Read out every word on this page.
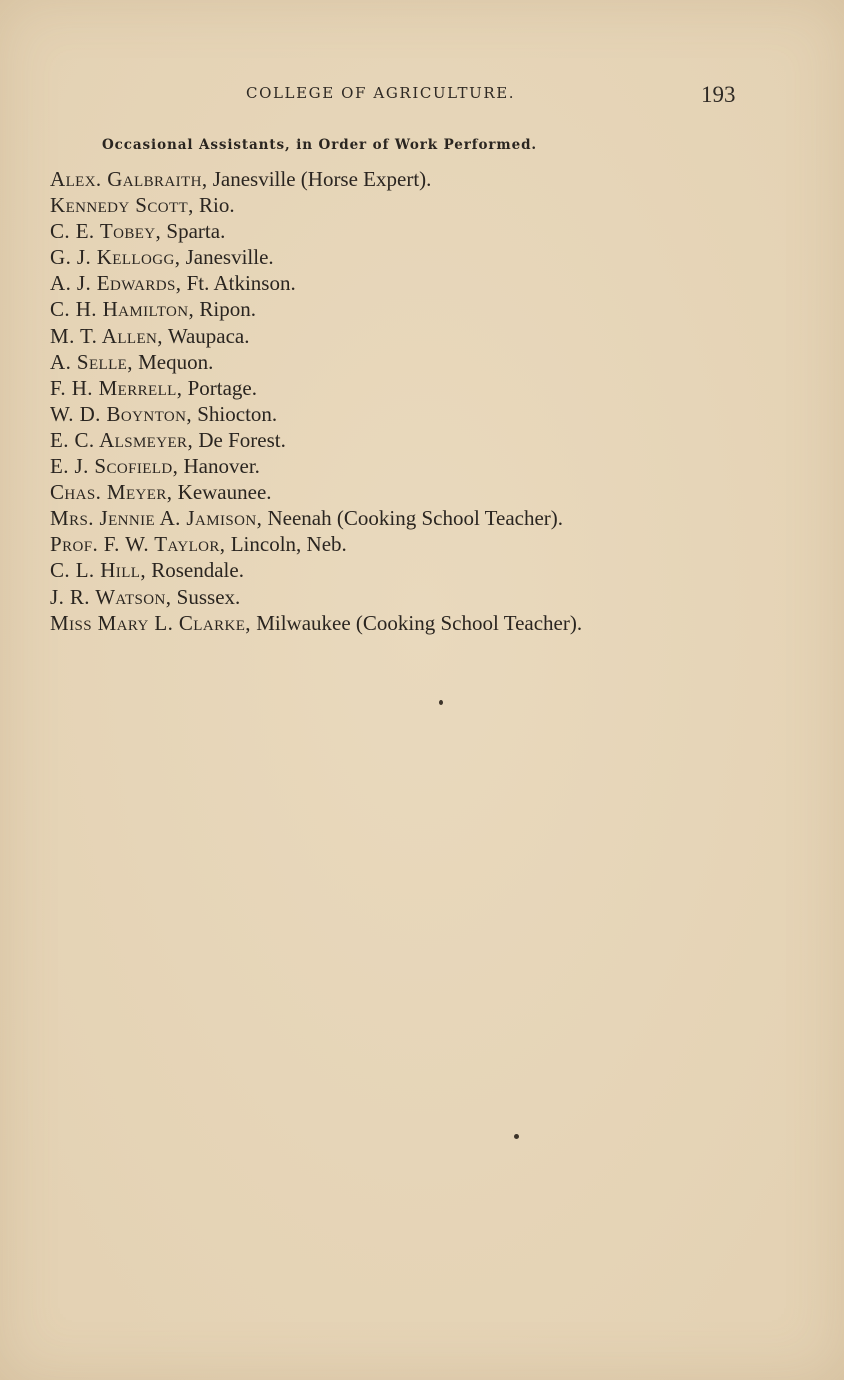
COLLEGE OF AGRICULTURE.	193
Occasional Assistants, in Order of Work Performed.
Alex. Galbraith, Janesville (Horse Expert).
Kennedy Scott, Rio.
C. E. Tobey, Sparta.
G. J. Kellogg, Janesville.
A. J. Edwards, Ft. Atkinson.
C. H. Hamilton, Ripon.
M. T. Allen, Waupaca.
A. Selle, Mequon.
F. H. Merrell, Portage.
W. D. Boynton, Shiocton.
E. C. Alsmeyer, De Forest.
E. J. Scofield, Hanover.
Chas. Meyer, Kewaunee.
Mrs. Jennie A. Jamison, Neenah (Cooking School Teacher).
Prof. F. W. Taylor, Lincoln, Neb.
C. L. Hill, Rosendale.
J. R. Watson, Sussex.
Miss Mary L. Clarke, Milwaukee (Cooking School Teacher).
